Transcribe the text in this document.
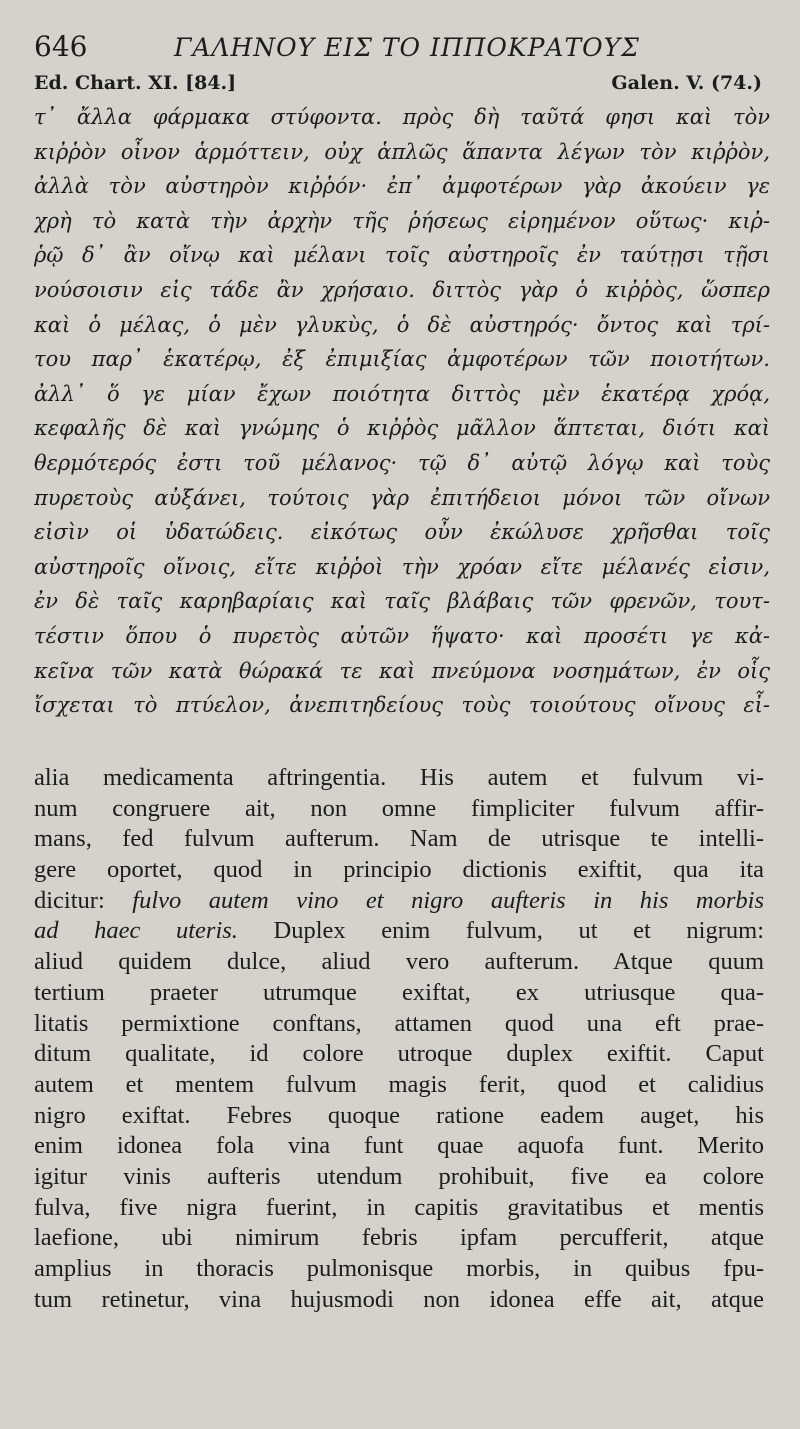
646	ΓΑΛΗΝΟΥ ΕΙΣ ΤΟ ΙΠΠΟΚΡΑΤΟΥΣ
Ed. Chart. XI. [84.]	Galen. V. (74.)
τ᾽ ἄλλα φάρμακα στύφοντα. πρὸς δὴ ταῦτά φησι καὶ τὸν
κιῤῥὸν οἶνον ἁρμόττειν, οὐχ ἁπλῶς ἅπαντα λέγων τὸν κιῤῥὸν,
ἀλλὰ τὸν αὐστηρὸν κιῤῥόν· ἐπ᾽ ἀμφοτέρων γὰρ ἀκούειν γε
χρὴ τὸ κατὰ τὴν ἀρχὴν τῆς ῥήσεως εἰρημένον οὕτως· κιῤ-
ῥῷ δ᾽ ἂν οἴνῳ καὶ μέλανι τοῖς αὐστηροῖς ἐν ταύτῃσι τῇσι
νούσοισιν εἰς τάδε ἂν χρήσαιο. διττὸς γὰρ ὁ κιῤῥὸς, ὥσπερ
καὶ ὁ μέλας, ὁ μὲν γλυκὺς, ὁ δὲ αὐστηρός· ὄντος καὶ τρί-
του παρ᾽ ἑκατέρῳ, ἐξ ἐπιμιξίας ἀμφοτέρων τῶν ποιοτήτων.
ἀλλ᾽ ὅ γε μίαν ἔχων ποιότητα διττὸς μὲν ἑκατέρᾳ χρόᾳ,
κεφαλῆς δὲ καὶ γνώμης ὁ κιῤῥὸς μᾶλλον ἅπτεται, διότι καὶ
θερμότερός ἐστι τοῦ μέλανος· τῷ δ᾽ αὐτῷ λόγῳ καὶ τοὺς
πυρετοὺς αὐξάνει, τούτοις γὰρ ἐπιτήδειοι μόνοι τῶν οἴνων
εἰσὶν οἱ ὑδατώδεις. εἰκότως οὖν ἐκώλυσε χρῆσθαι τοῖς
αὐστηροῖς οἴνοις, εἴτε κιῤῥοὶ τὴν χρόαν εἴτε μέλανές εἰσιν,
ἐν δὲ ταῖς καρηβαρίαις καὶ ταῖς βλάβαις τῶν φρενῶν, τουτ-
τέστιν ὅπου ὁ πυρετὸς αὐτῶν ἥψατο· καὶ προσέτι γε κἀ-
κεῖνα τῶν κατὰ θώρακά τε καὶ πνεύμονα νοσημάτων, ἐν οἷς
ἴσχεται τὸ πτύελον, ἀνεπιτηδείους τοὺς τοιούτους οἴνους εἶ-
alia medicamenta aftringentia. His autem et fulvum vi-
num congruere ait, non omne fimpliciter fulvum affir-
mans, fed fulvum aufterum. Nam de utrisque te intelli-
gere oportet, quod in principio dictionis exiftit, qua ita
dicitur: fulvo autem vino et nigro aufteris in his morbis
ad haec uteris. Duplex enim fulvum, ut et nigrum:
aliud quidem dulce, aliud vero aufterum. Atque quum
tertium praeter utrumque exiftat, ex utriusque qua-
litatis permixtione conftans, attamen quod una eft prae-
ditum qualitate, id colore utroque duplex exiftit. Caput
autem et mentem fulvum magis ferit, quod et calidius
nigro exiftat. Febres quoque ratione eadem auget, his
enim idonea fola vina funt quae aquofa funt. Merito
igitur vinis aufteris utendum prohibuit, five ea colore
fulva, five nigra fuerint, in capitis gravitatibus et mentis
laefione, ubi nimirum febris ipfam percufferit, atque
amplius in thoracis pulmonisque morbis, in quibus fpu-
tum retinetur, vina hujusmodi non idonea effe ait, atque
